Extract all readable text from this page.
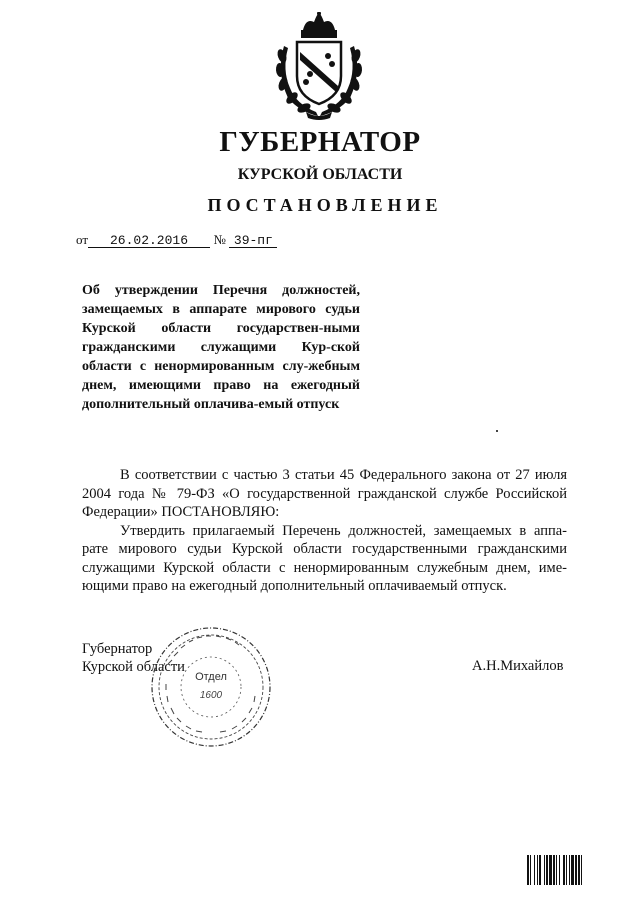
ГУБЕРНАТОР
КУРСКОЙ ОБЛАСТИ
ПОСТАНОВЛЕНИЕ
от 26.02.2016 № 39-пг
Об утверждении Перечня должностей, замещаемых в аппарате мирового судьи Курской области государствен-ными гражданскими служащими Кур-ской области с ненормированным слу-жебным днем, имеющими право на ежегодный дополнительный оплачива-емый отпуск

В соответствии с частью 3 статьи 45 Федерального закона от 27 июля 2004 года № 79-ФЗ «О государственной гражданской службе Российской Федерации» ПОСТАНОВЛЯЮ:

Утвердить прилагаемый Перечень должностей, замещаемых в аппа-рате мирового судьи Курской области государственными гражданскими служащими Курской области с ненормированным служебным днем, име-ющими право на ежегодный дополнительный оплачиваемый отпуск.

Губернатор
Курской области	А.Н.Михайлов
Отдел
1600
